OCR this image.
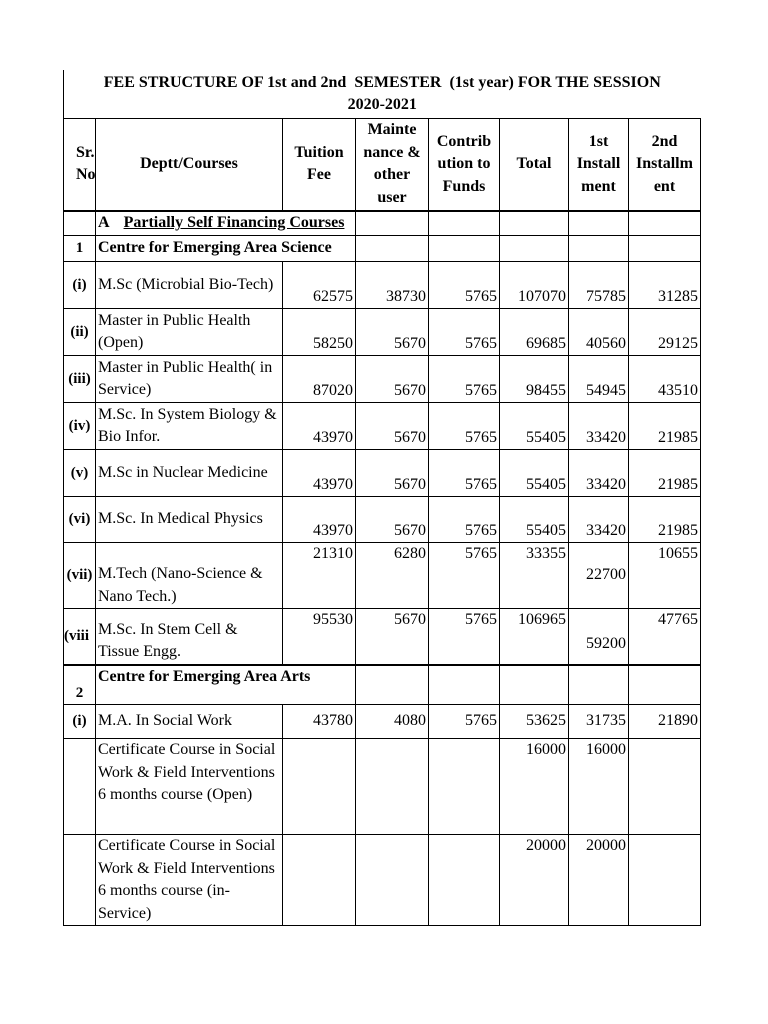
FEE STRUCTURE OF 1st and 2nd  SEMESTER  (1st year) FOR THE SESSION
2020-2021							

Sr. No	Deptt/Courses	Tuition Fee	Mainte nance & other user	Contrib ution to Funds	Total	1st Install ment	2nd Installm ent
	A Partially Self Financing Courses						
1	Centre for Emerging Area Science						
(i)	M.Sc (Microbial Bio-Tech)	62575	38730	5765	107070	75785	31285
(ii)	Master in Public Health (Open)	58250	5670	5765	69685	40560	29125
(iii)	Master in Public Health( in Service)	87020	5670	5765	98455	54945	43510
(iv)	M.Sc. In System Biology & Bio Infor.	43970	5670	5765	55405	33420	21985
(v)	M.Sc in Nuclear Medicine	43970	5670	5765	55405	33420	21985
(vi)	M.Sc. In Medical Physics	43970	5670	5765	55405	33420	21985
(vii)	M.Tech (Nano-Science & Nano Tech.)	21310	6280	5765	33355	22700	10655
(viii	M.Sc. In Stem Cell & Tissue Engg.	95530	5670	5765	106965	59200	47765
2	Centre for Emerging Area Arts						
(i)	M.A. In Social Work	43780	4080	5765	53625	31735	21890
	Certificate Course in Social Work & Field Interventions 6 months course (Open)				16000	16000	
	Certificate Course in Social Work & Field Interventions 6 months course (in- Service)				20000	20000	
